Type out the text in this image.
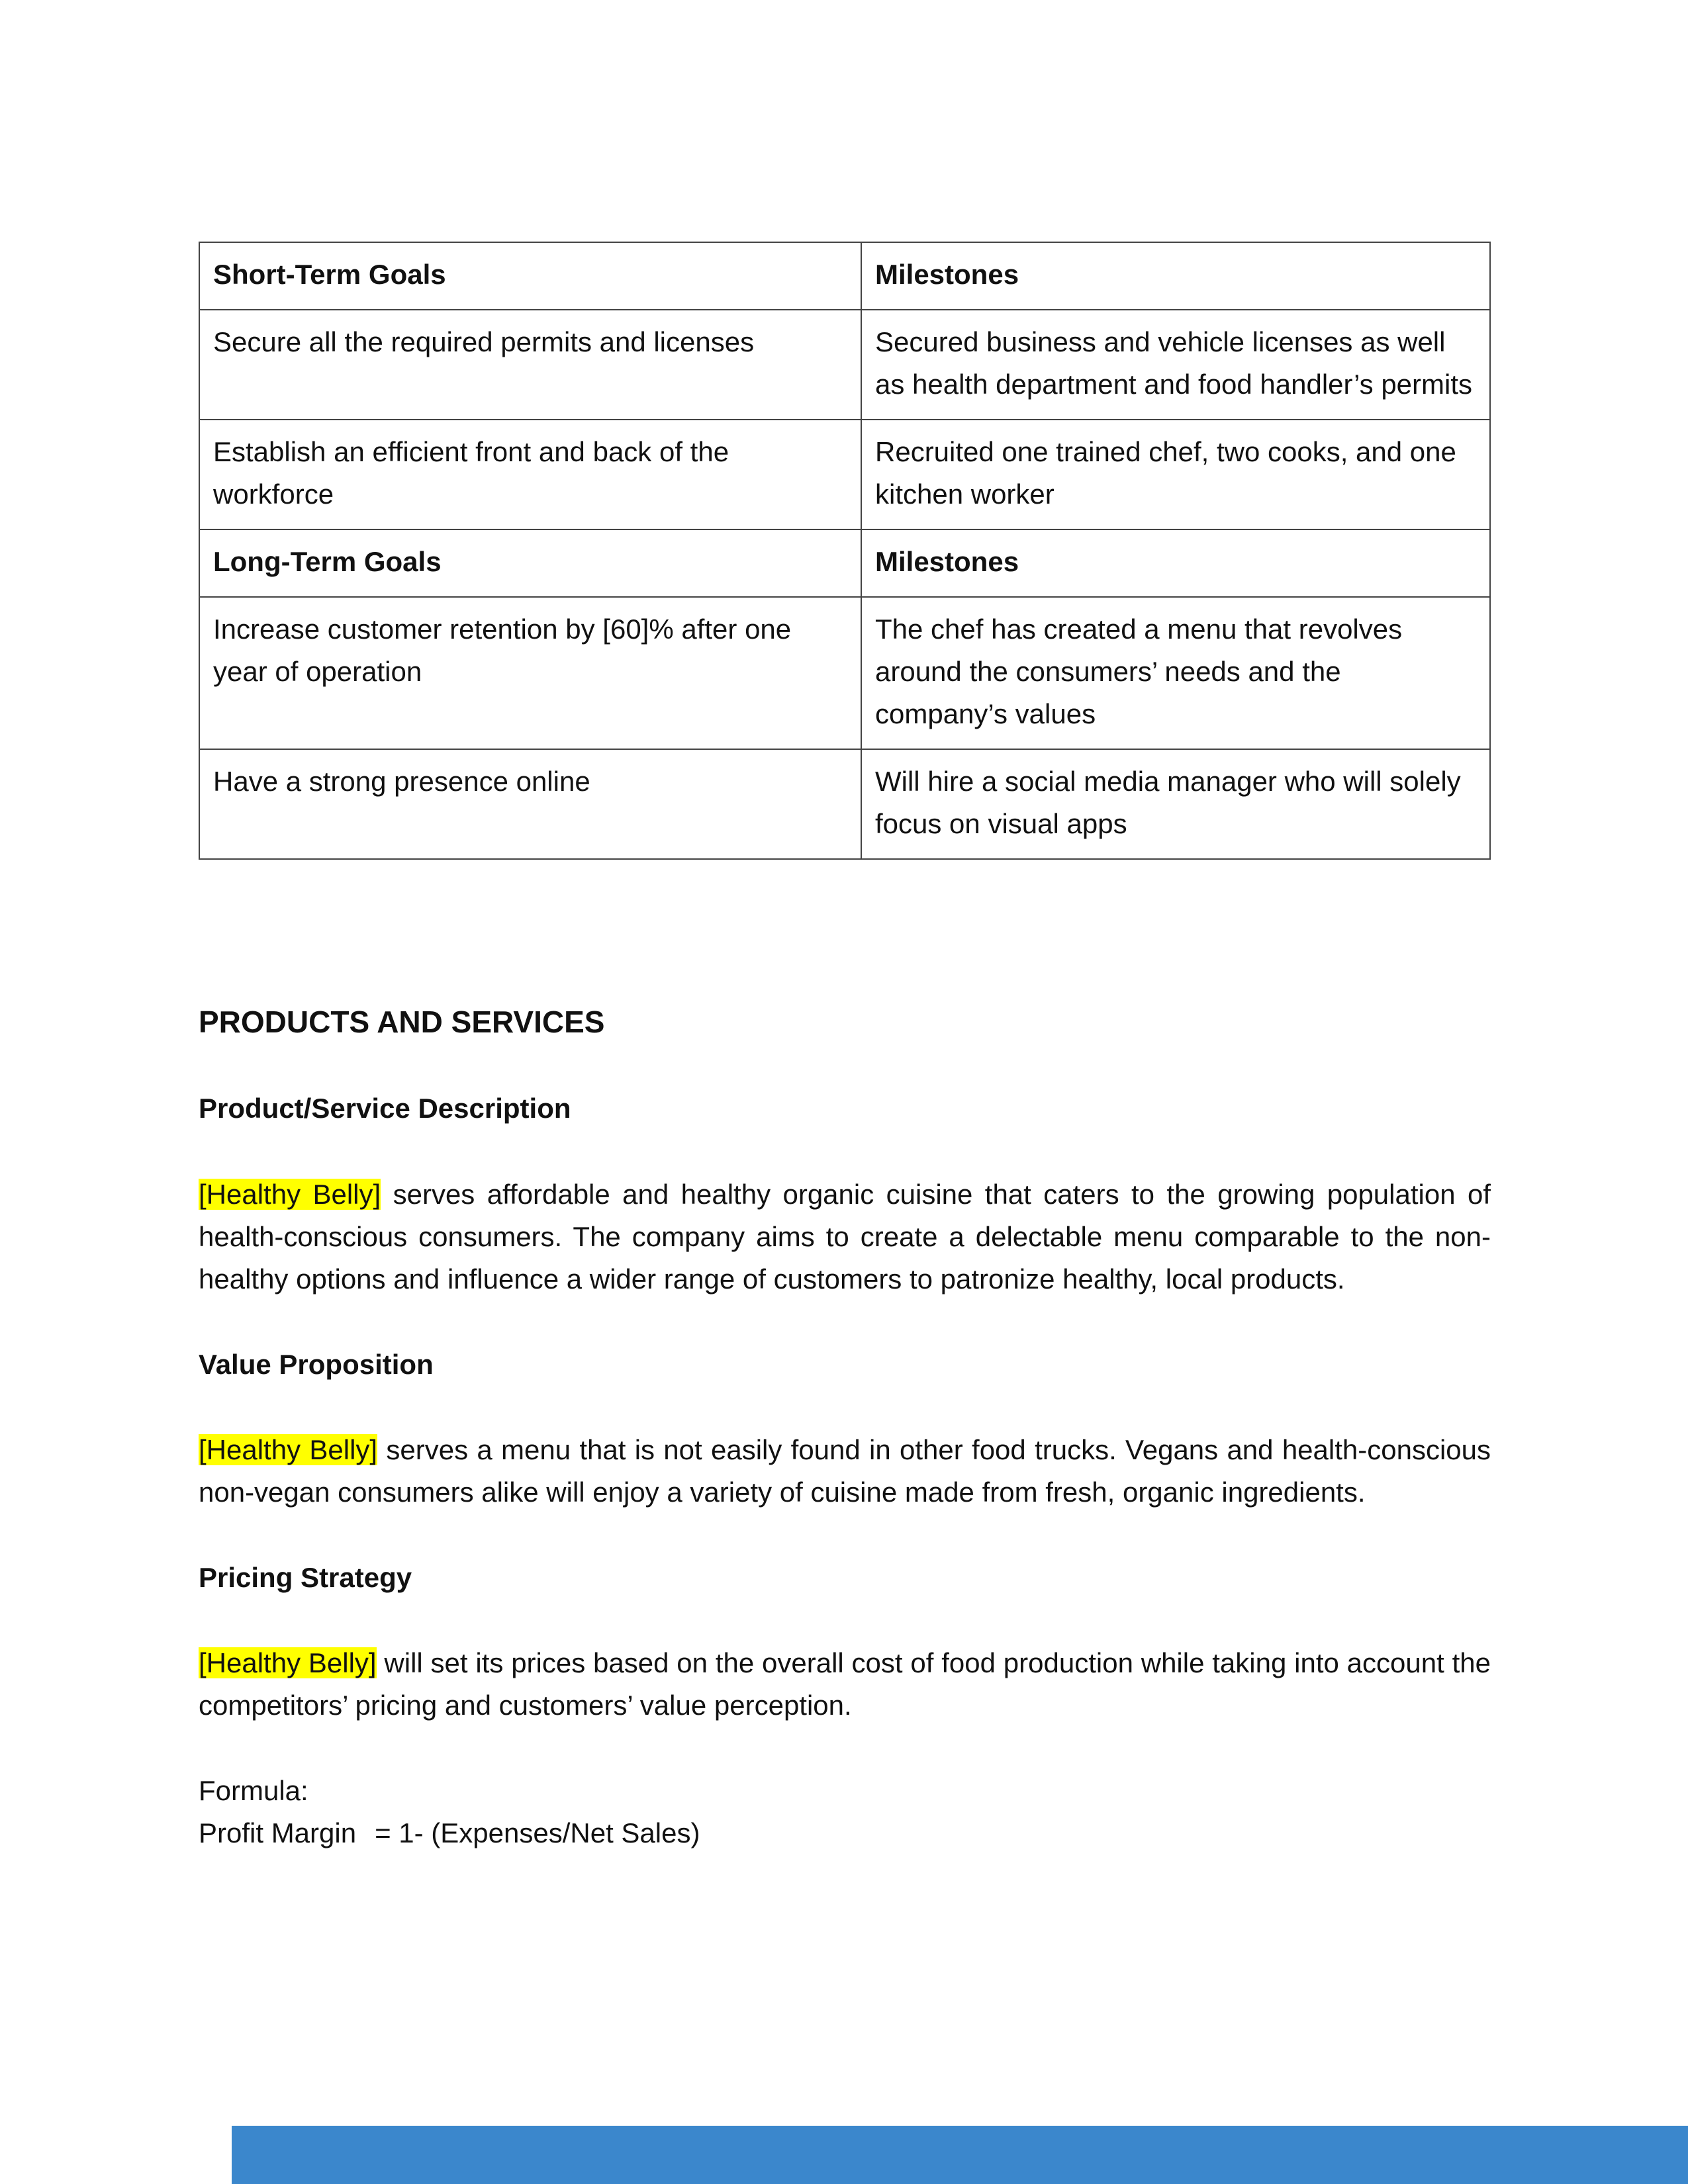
Short-Term Goals	Milestones
Secure all the required permits and licenses	Secured business and vehicle licenses as well as health department and food handler’s permits
Establish an efficient front and back of the workforce	Recruited one trained chef, two cooks, and one kitchen worker
Long-Term Goals	Milestones
Increase customer retention by [60]% after one year of operation	The chef has created a menu that revolves around the consumers’ needs and the company’s values
Have a strong presence online	Will hire a social media manager who will solely focus on visual apps
PRODUCTS AND SERVICES
Product/Service Description

[Healthy Belly] serves affordable and healthy organic cuisine that caters to the growing population of health-conscious consumers. The company aims to create a delectable menu comparable to the non-healthy options and influence a wider range of customers to patronize healthy, local products.

Value Proposition

[Healthy Belly] serves a menu that is not easily found in other food trucks. Vegans and health-conscious non-vegan consumers alike will enjoy a variety of cuisine made from fresh, organic ingredients.

Pricing Strategy

[Healthy Belly] will set its prices based on the overall cost of food production while taking into account the competitors’ pricing and customers’ value perception.

Formula:

Profit Margin = 1- (Expenses/Net Sales)
